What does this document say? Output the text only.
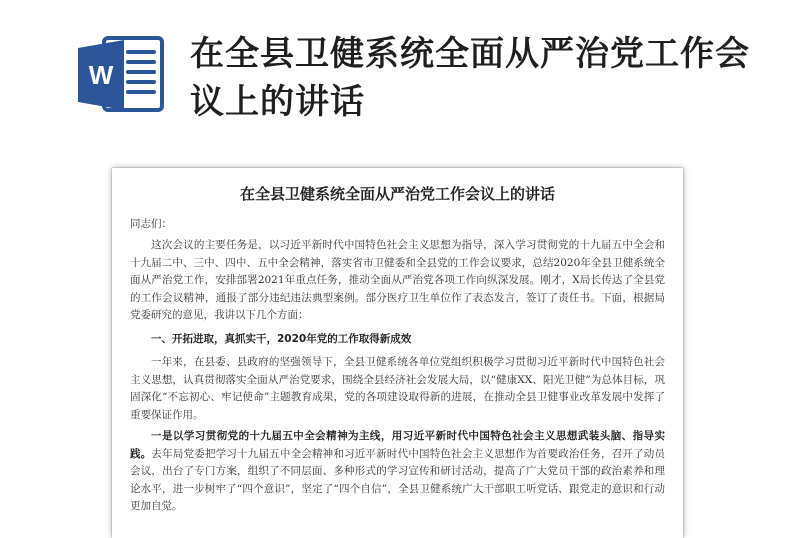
W
在全县卫健系统全面从严治党工作会议上的讲话
在全县卫健系统全面从严治党工作会议上的讲话
同志们：
这次会议的主要任务是，以习近平新时代中国特色社会主义思想为指导，深入学习贯彻党的十九届五中全会和十九届二中、三中、四中、五中全会精神，落实省市卫健委和全县党的工作会议要求，总结2020年全县卫健系统全面从严治党工作，安排部署2021年重点任务，推动全面从严治党各项工作向纵深发展。刚才，X局长传达了全县党的工作会议精神，通报了部分违纪违法典型案例。部分医疗卫生单位作了表态发言，签订了责任书。下面，根据局党委研究的意见，我讲以下几个方面：
一、开拓进取，真抓实干，2020年党的工作取得新成效
一年来，在县委、县政府的坚强领导下，全县卫健系统各单位党组织积极学习贯彻习近平新时代中国特色社会主义思想，认真贯彻落实全面从严治党要求，围绕全县经济社会发展大局，以“健康XX、阳光卫健”为总体目标，巩固深化“不忘初心、牢记使命”主题教育成果，党的各项建设取得新的进展，在推动全县卫健事业改革发展中发挥了重要保证作用。
一是以学习贯彻党的十九届五中全会精神为主线，用习近平新时代中国特色社会主义思想武装头脑、指导实践。去年局党委把学习十九届五中全会精神和习近平新时代中国特色社会主义思想作为首要政治任务，召开了动员会议，出台了专门方案，组织了不同层面、多种形式的学习宣传和研讨活动，提高了广大党员干部的政治素养和理论水平，进一步树牢了“四个意识”，坚定了“四个自信”，全县卫健系统广大干部职工听党话、跟党走的意识和行动更加自觉。
